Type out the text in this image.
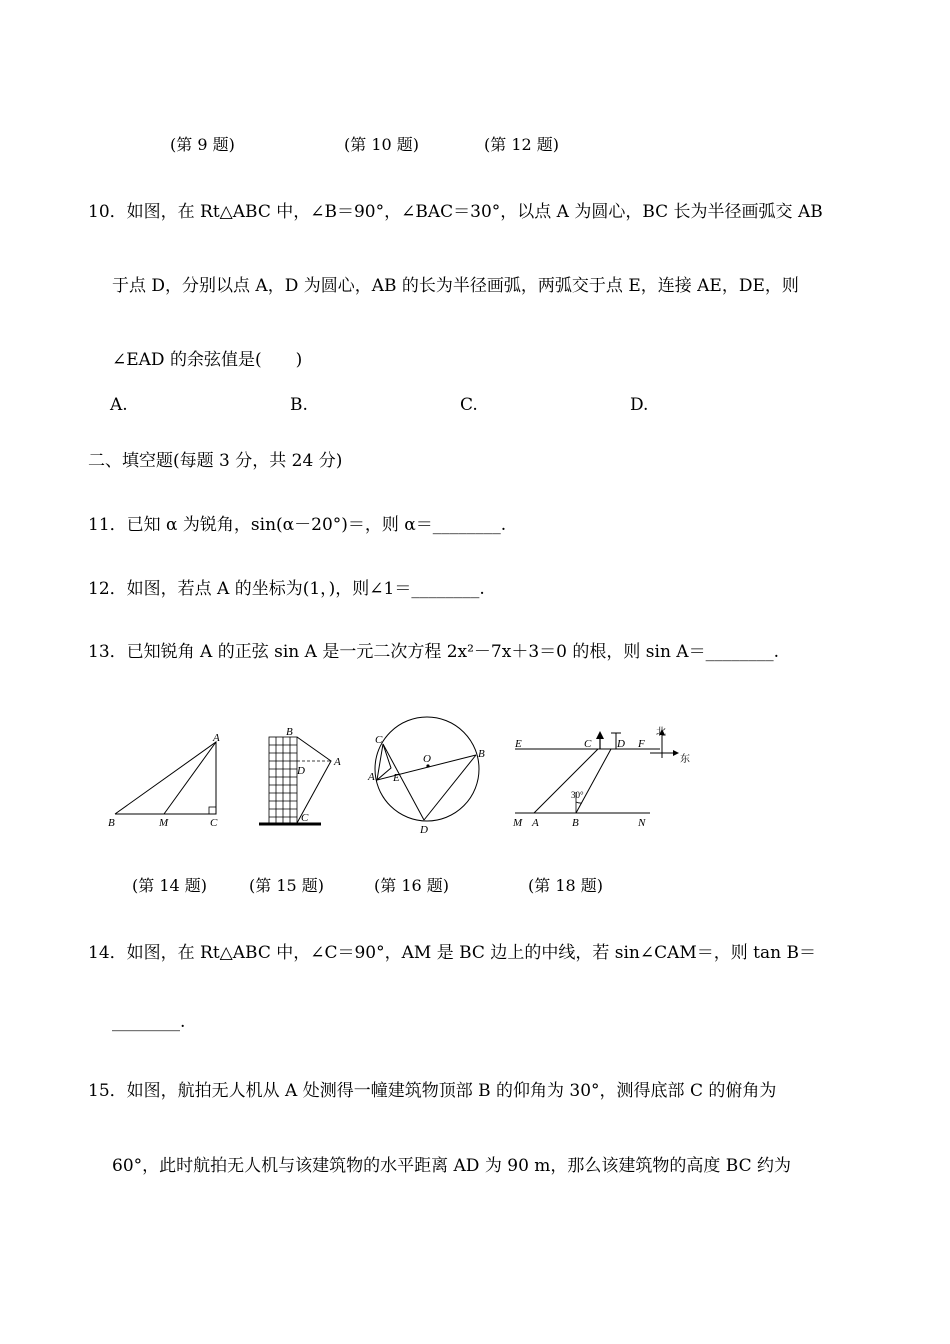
(第 9 题)	(第 10 题)	(第 12 题)
10．如图，在 Rt△ABC 中，∠B＝90°，∠BAC＝30°，以点 A 为圆心，BC 长为半径画弧交 AB
于点 D，分别以点 A，D 为圆心，AB 的长为半径画弧，两弧交于点 E，连接 AE，DE，则
∠EAD 的余弦值是(　　)
A.	B.	C.	D.
二、填空题(每题 3 分，共 24 分)
11．已知 α 为锐角，sin(α－20°)＝，则 α＝________.
12．如图，若点 A 的坐标为(1，)，则∠1＝________.
13．已知锐角 A 的正弦 sin A 是一元二次方程 2x²－7x＋3＝0 的根，则 sin A＝________.
A
B	M	C
B
D
A
C
C
A E
O	B
D
E	C D F
M A	B	N
30°
北
东
(第 14 题)	(第 15 题)	(第 16 题)	(第 18 题)
14．如图，在 Rt△ABC 中，∠C＝90°，AM 是 BC 边上的中线，若 sin∠CAM＝，则 tan B＝
________.
15．如图，航拍无人机从 A 处测得一幢建筑物顶部 B 的仰角为 30°，测得底部 C 的俯角为
60°，此时航拍无人机与该建筑物的水平距离 AD 为 90 m，那么该建筑物的高度 BC 约为
